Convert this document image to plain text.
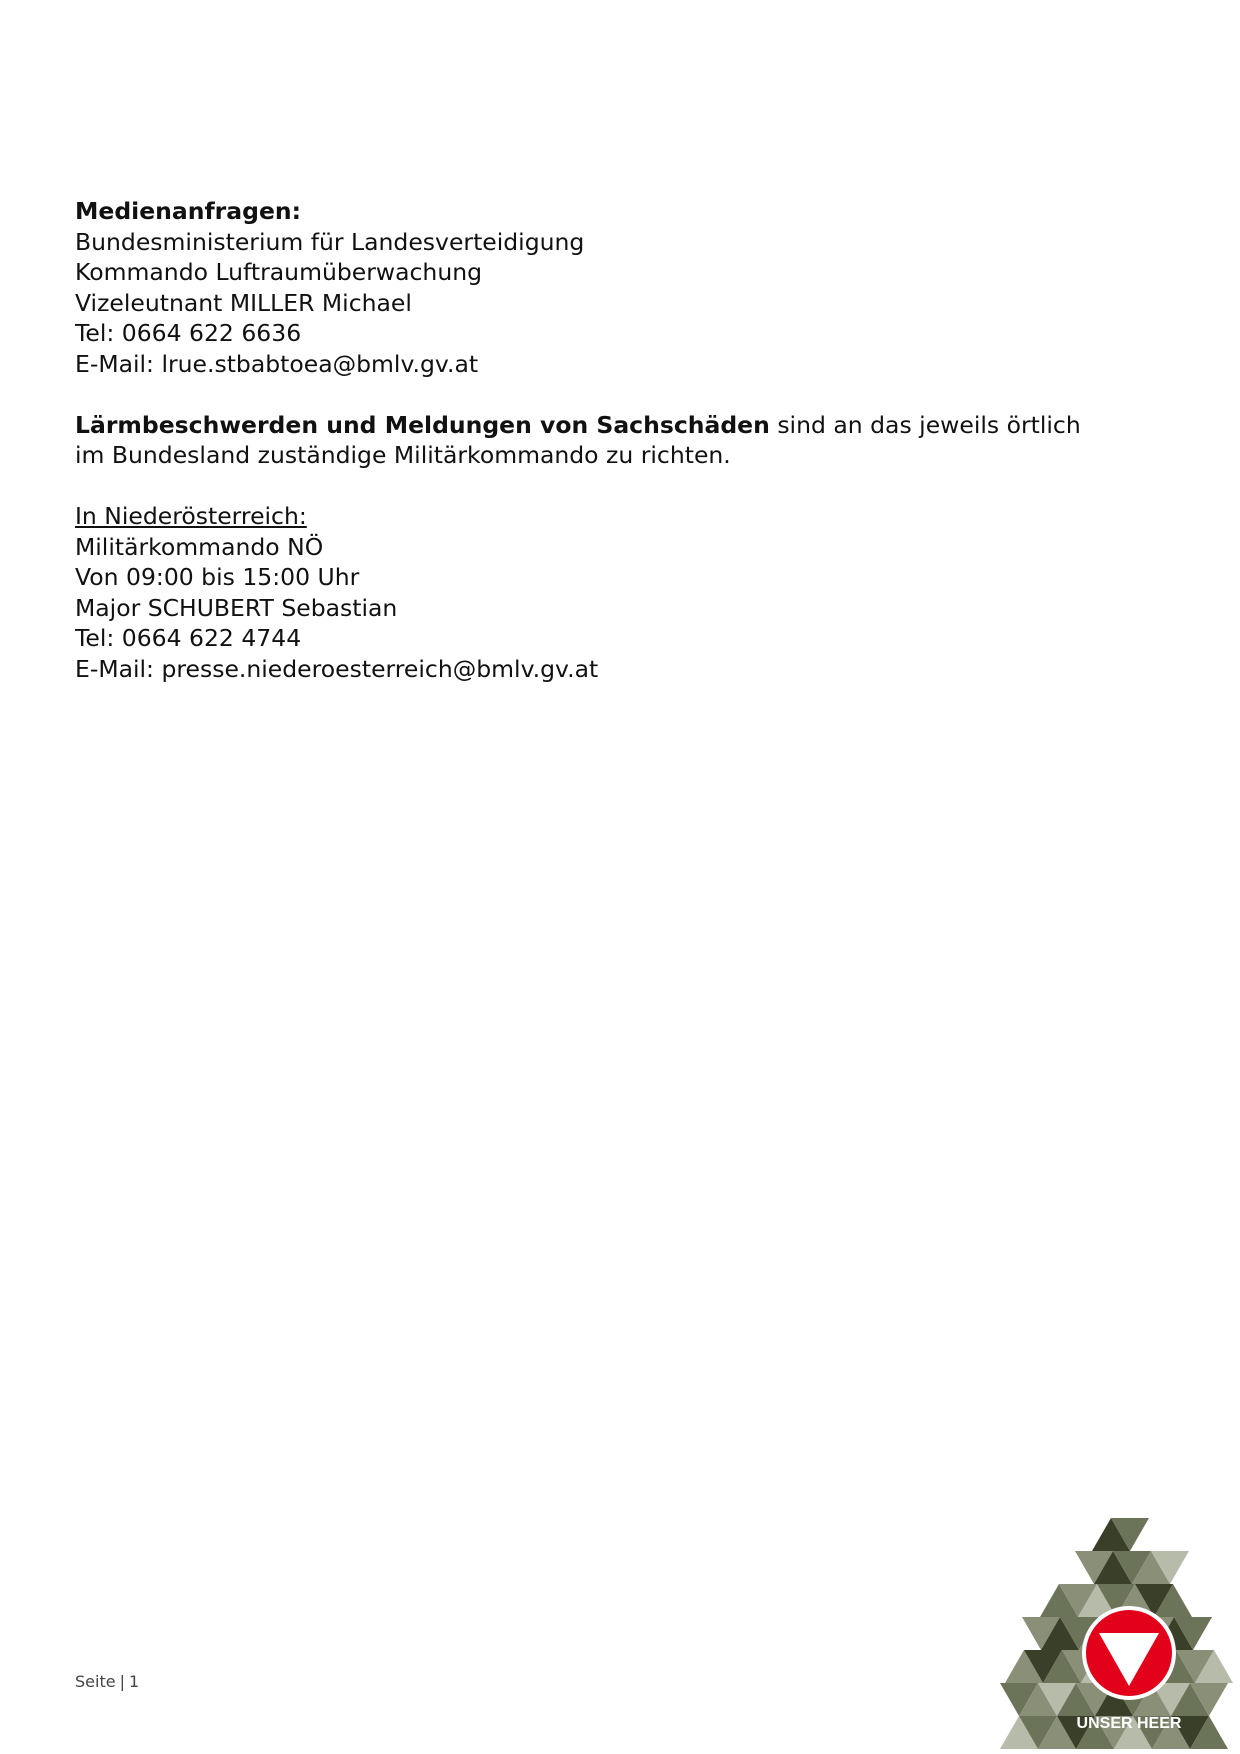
Medienanfragen:
Bundesministerium für Landesverteidigung
Kommando Luftraumüberwachung
Vizeleutnant MILLER Michael
Tel: 0664 622 6636
E-Mail: lrue.stbabtoea@bmlv.gv.at
Lärmbeschwerden und Meldungen von Sachschäden sind an das jeweils örtlich
im Bundesland zuständige Militärkommando zu richten.
In Niederösterreich:
Militärkommando NÖ
Von 09:00 bis 15:00 Uhr
Major SCHUBERT Sebastian
Tel: 0664 622 4744
E-Mail: presse.niederoesterreich@bmlv.gv.at
Seite | 1
UNSER HEER
